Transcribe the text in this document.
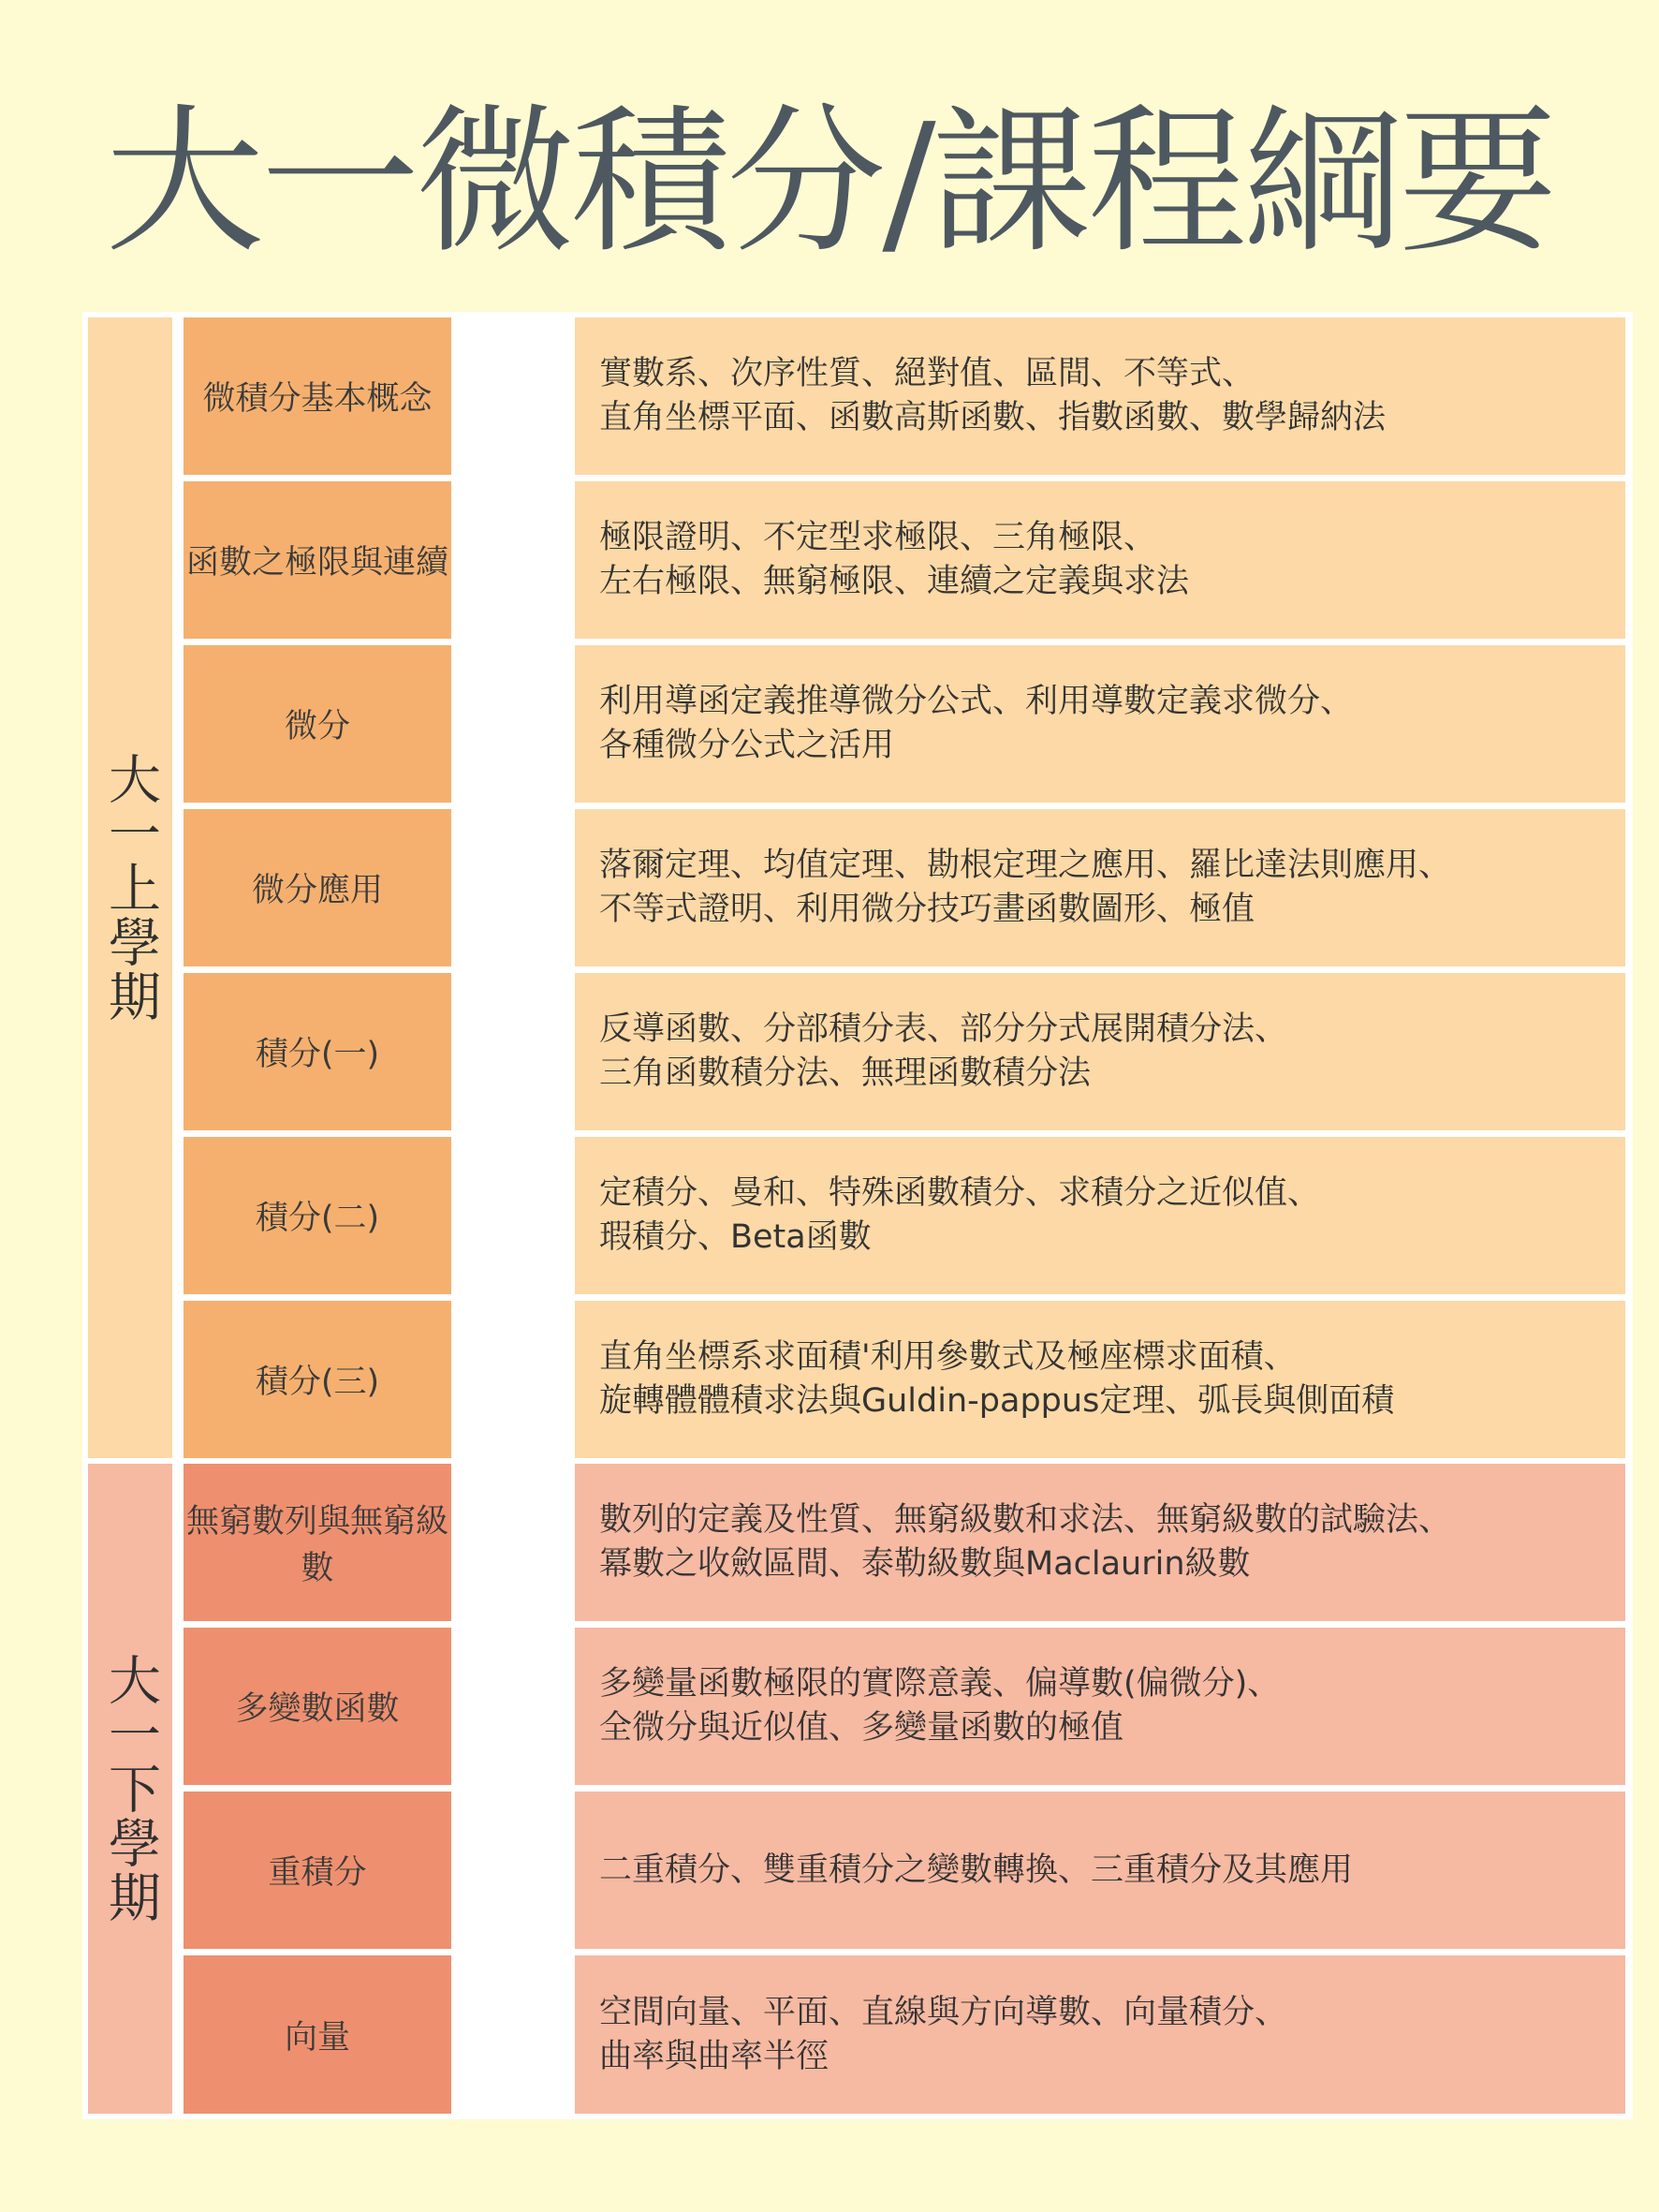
大一微積分/課程綱要
大一上學期
大一下學期
微積分基本概念
實數系、次序性質、絕對值、區間、不等式、
直角坐標平面、函數高斯函數、指數函數、數學歸納法
函數之極限與連續
極限證明、不定型求極限、三角極限、
左右極限、無窮極限、連續之定義與求法
微分
利用導函定義推導微分公式、利用導數定義求微分、
各種微分公式之活用
微分應用
落爾定理、均值定理、勘根定理之應用、羅比達法則應用、
不等式證明、利用微分技巧畫函數圖形、極值
積分(一)
反導函數、分部積分表、部分分式展開積分法、
三角函數積分法、無理函數積分法
積分(二)
定積分、曼和、特殊函數積分、求積分之近似值、
瑕積分、Beta函數
積分(三)
直角坐標系求面積'利用參數式及極座標求面積、
旋轉體體積求法與Guldin-pappus定理、弧長與側面積
無窮數列與無窮級數
數列的定義及性質、無窮級數和求法、無窮級數的試驗法、
冪數之收斂區間、泰勒級數與Maclaurin級數
多變數函數
多變量函數極限的實際意義、偏導數(偏微分)、
全微分與近似值、多變量函數的極值
重積分	二重積分、雙重積分之變數轉換、三重積分及其應用
向量
空間向量、平面、直線與方向導數、向量積分、
曲率與曲率半徑
